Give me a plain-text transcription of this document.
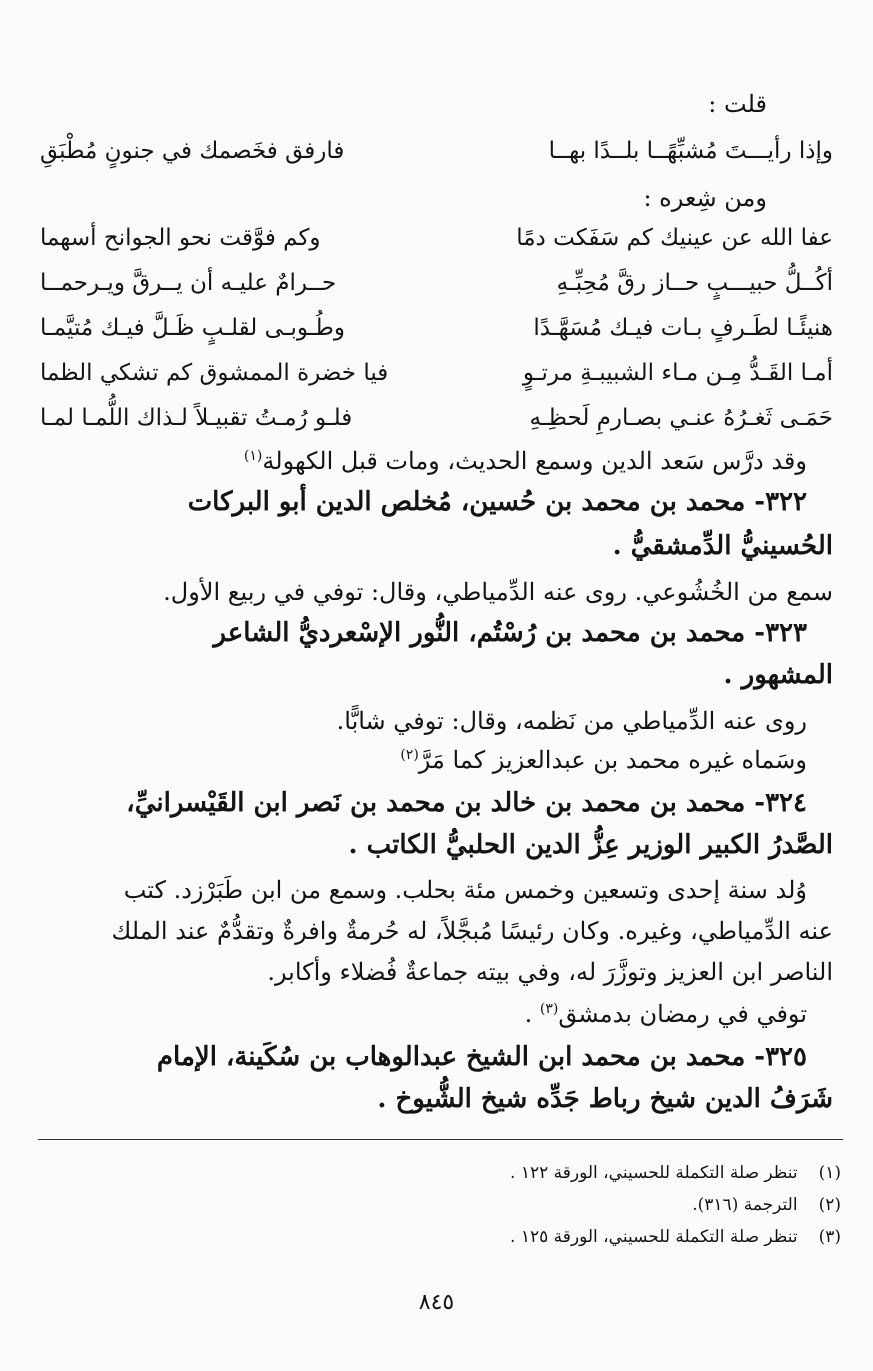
قلت :
وإذا رأيـــتَ مُشبِّهًــا بلــدًا بهــا
فارفق فخَصمك في جنونٍ مُطْبَقِ
ومن شِعره :
عفا الله عن عينيك كم سَفَكت دمًا
وكم فوَّقت نحو الجوانح أسهما
أكُــلُّ حبيـــبٍ حــاز رقَّ مُحِبِّـهِ
حــرامٌ عليـه أن يــرقَّ ويـرحمــا
هنيئًـا لطَـرفٍ بـات فيـك مُسَهَّـدًا
وطُـوبـى لقلـبٍ ظَـلَّ فيـك مُتيَّمـا
أمـا القَـدُّ مِـن مـاء الشبيبـةِ مرتـوٍ
فيا خضرة الممشوق كم تشكي الظما
حَمَـى ثَغـرُهُ عنـي بصـارمِ لَحظِـهِ
فلـو رُمـتُ تقبيـلاً لـذاك اللُّمـا لمـا
وقد درَّس سَعد الدين وسمع الحديث، ومات قبل الكهولة$^{(١)}$
٣٢٢- محمد بن محمد بن حُسين، مُخلص الدين أبو البركات
الحُسينيُّ الدِّمشقيُّ .
سمع من الخُشُوعي. روى عنه الدِّمياطي، وقال: توفي في ربيع الأول.
٣٢٣- محمد بن محمد بن رُسْتُم، النُّور الإسْعرديُّ الشاعر
المشهور .
روى عنه الدِّمياطي من نَظمه، وقال: توفي شابًّا.
وسَماه غيره محمد بن عبدالعزيز كما مَرَّ$^{(٢)}$
٣٢٤- محمد بن محمد بن خالد بن محمد بن نَصر ابن القَيْسرانيِّ،
الصَّدرُ الكبير الوزير عِزُّ الدين الحلبيُّ الكاتب .
وُلد سنة إحدى وتسعين وخمس مئة بحلب. وسمع من ابن طَبَرْزد. كتب
عنه الدِّمياطي، وغيره. وكان رئيسًا مُبجَّلاً، له حُرمةٌ وافرةٌ وتقدُّمٌ عند الملك
الناصر ابن العزيز وتوزَّرَ له، وفي بيته جماعةٌ فُضلاء وأكابر.
توفي في رمضان بدمشق$^{(٣)}$ .
٣٢٥- محمد بن محمد ابن الشيخ عبدالوهاب بن سُكَينة، الإمام
شَرَفُ الدين شيخ رباط جَدِّه شيخ الشُّيوخ .
(١) تنظر صلة التكملة للحسيني، الورقة ١٢٢ .
(٢) الترجمة (٣١٦).
(٣) تنظر صلة التكملة للحسيني، الورقة ١٢٥ .
٨٤٥
